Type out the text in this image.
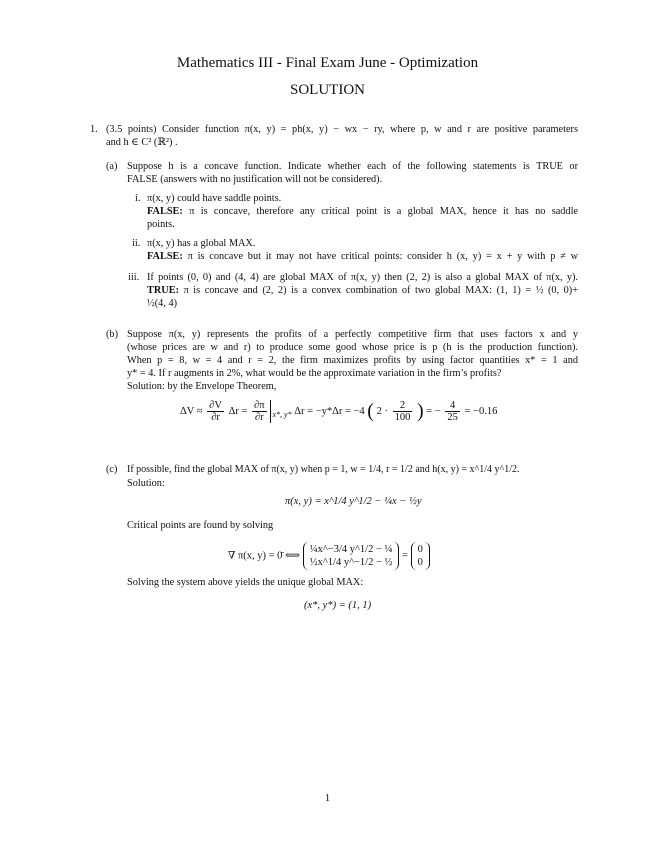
Mathematics III - Final Exam June - Optimization
SOLUTION
1. (3.5 points) Consider function π(x, y) = ph(x, y) − wx − ry, where p, w and r are positive parameters
and h ∈ C² (ℝ²) .
(a) Suppose h is a concave function. Indicate whether each of the following statements is TRUE or
FALSE (answers with no justification will not be considered).
i. π(x, y) could have saddle points.
FALSE: π is concave, therefore any critical point is a global MAX, hence it has no saddle
points.
ii. π(x, y) has a global MAX.
FALSE: π is concave but it may not have critical points: consider h (x, y) = x + y with p ≠ w
iii. If points (0, 0) and (4, 4) are global MAX of π(x, y) then (2, 2) is also a global MAX of π(x, y).
TRUE: π is concave and (2, 2) is a convex combination of two global MAX: (1, 1) = ½ (0, 0)+
½(4, 4)
(b) Suppose π(x, y) represents the profits of a perfectly competitive firm that uses factors x and y
(whose prices are w and r) to produce some good whose price is p (h is the production function).
When p = 8, w = 4 and r = 2, the firm maximizes profits by using factor quantities x* = 1 and
y* = 4. If r augments in 2%, what would be the approximate variation in the firm’s profits?
Solution: by the Envelope Theorem,
$\Delta V \approx \frac{\partial V}{\partial r}$ $\Delta r = \frac{\partial\pi}{\partial r} _{x*, y*}$ Δr = −y*Δr = −4 ( $2 \cdot \frac{2}{100}$ ) = − $\frac{4}{25} = -0.16$
(c) If possible, find the global MAX of π(x, y) when p = 1, w = 1/4, r = 1/2 and h(x, y) = x^1/4 y^1/2.
Solution:
π(x, y) = x^1/4 y^1/2 − ¼x − ½y
Critical points are found by solving
∇ π(x, y) = 0̄ ⟺
¼x^−3/4 y^1/2 − ¼
½x^1/4 y^−1/2 − ½
=
0
0
Solving the system above yields the unique global MAX:
(x*, y*) = (1, 1)
1
